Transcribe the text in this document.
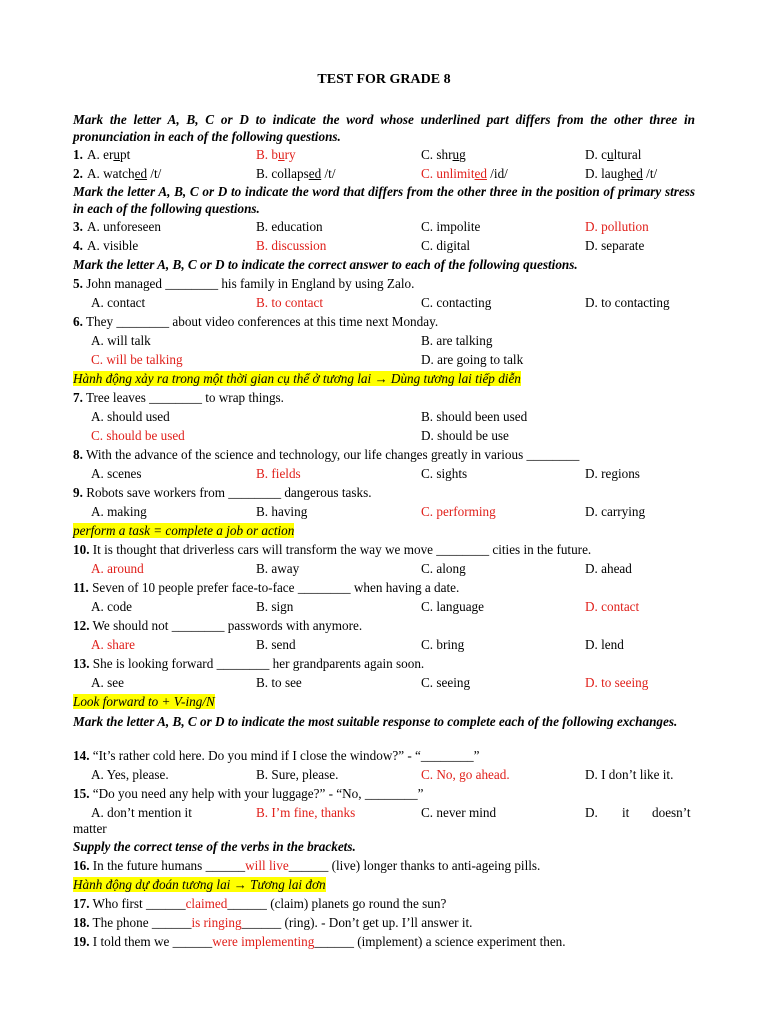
TEST FOR GRADE 8
Mark the letter A, B, C or D to indicate the word whose underlined part differs from the other three in pronunciation in each of the following questions.
1. A. erupt	B. bury	C. shrug	D. cultural
2. A. watched /t/	B. collapsed /t/	C. unlimited /id/	D. laughed /t/
Mark the letter A, B, C or D to indicate the word that differs from the other three in the position of primary stress in each of the following questions.
3. A. unforeseen	B. education	C. impolite	D. pollution
4. A. visible	B. discussion	C. digital	D. separate
Mark the letter A, B, C or D to indicate the correct answer to each of the following questions.
5. John managed ________ his family in England by using Zalo.
A. contact	B. to contact	C. contacting	D. to contacting
6. They ________ about video conferences at this time next Monday.
A. will talk	B. are talking
C. will be talking	D. are going to talk
Hành động xảy ra trong một thời gian cụ thể ở tương lai → Dùng tương lai tiếp diễn
7. Tree leaves ________ to wrap things.
A. should used	B. should been used
C. should be used	D. should be use
8. With the advance of the science and technology, our life changes greatly in various ________
A. scenes	B. fields	C. sights	D. regions
9. Robots save workers from ________ dangerous tasks.
A. making	B. having	C. performing	D. carrying
perform a task = complete a job or action
10. It is thought that driverless cars will transform the way we move ________ cities in the future.
A. around	B. away	C. along	D. ahead
11. Seven of 10 people prefer face-to-face ________ when having a date.
A. code	B. sign	C. language	D. contact
12. We should not ________ passwords with anymore.
A. share	B. send	C. bring	D. lend
13. She is looking forward ________ her grandparents again soon.
A. see	B. to see	C. seeing	D. to seeing
Look forward to + V-ing/N
Mark the letter A, B, C or D to indicate the most suitable response to complete each of the following exchanges.
14. “It’s rather cold here. Do you mind if I close the window?” - “________”
A. Yes, please.	B. Sure, please.	C. No, go ahead.	D. I don’t like it.
15. “Do you need any help with your luggage?” - “No, ________”
A. don’t mention it	B. I’m fine, thanks	C. never mind	D. it doesn’t
matter
Supply the correct tense of the verbs in the brackets.
16. In the future humans ______will live______ (live) longer thanks to anti-ageing pills.
Hành động dự đoán tương lai → Tương lai đơn
17. Who first ______claimed______ (claim) planets go round the sun?
18. The phone ______is ringing______ (ring). - Don’t get up. I’ll answer it.
19. I told them we ______were implementing______ (implement) a science experiment then.
